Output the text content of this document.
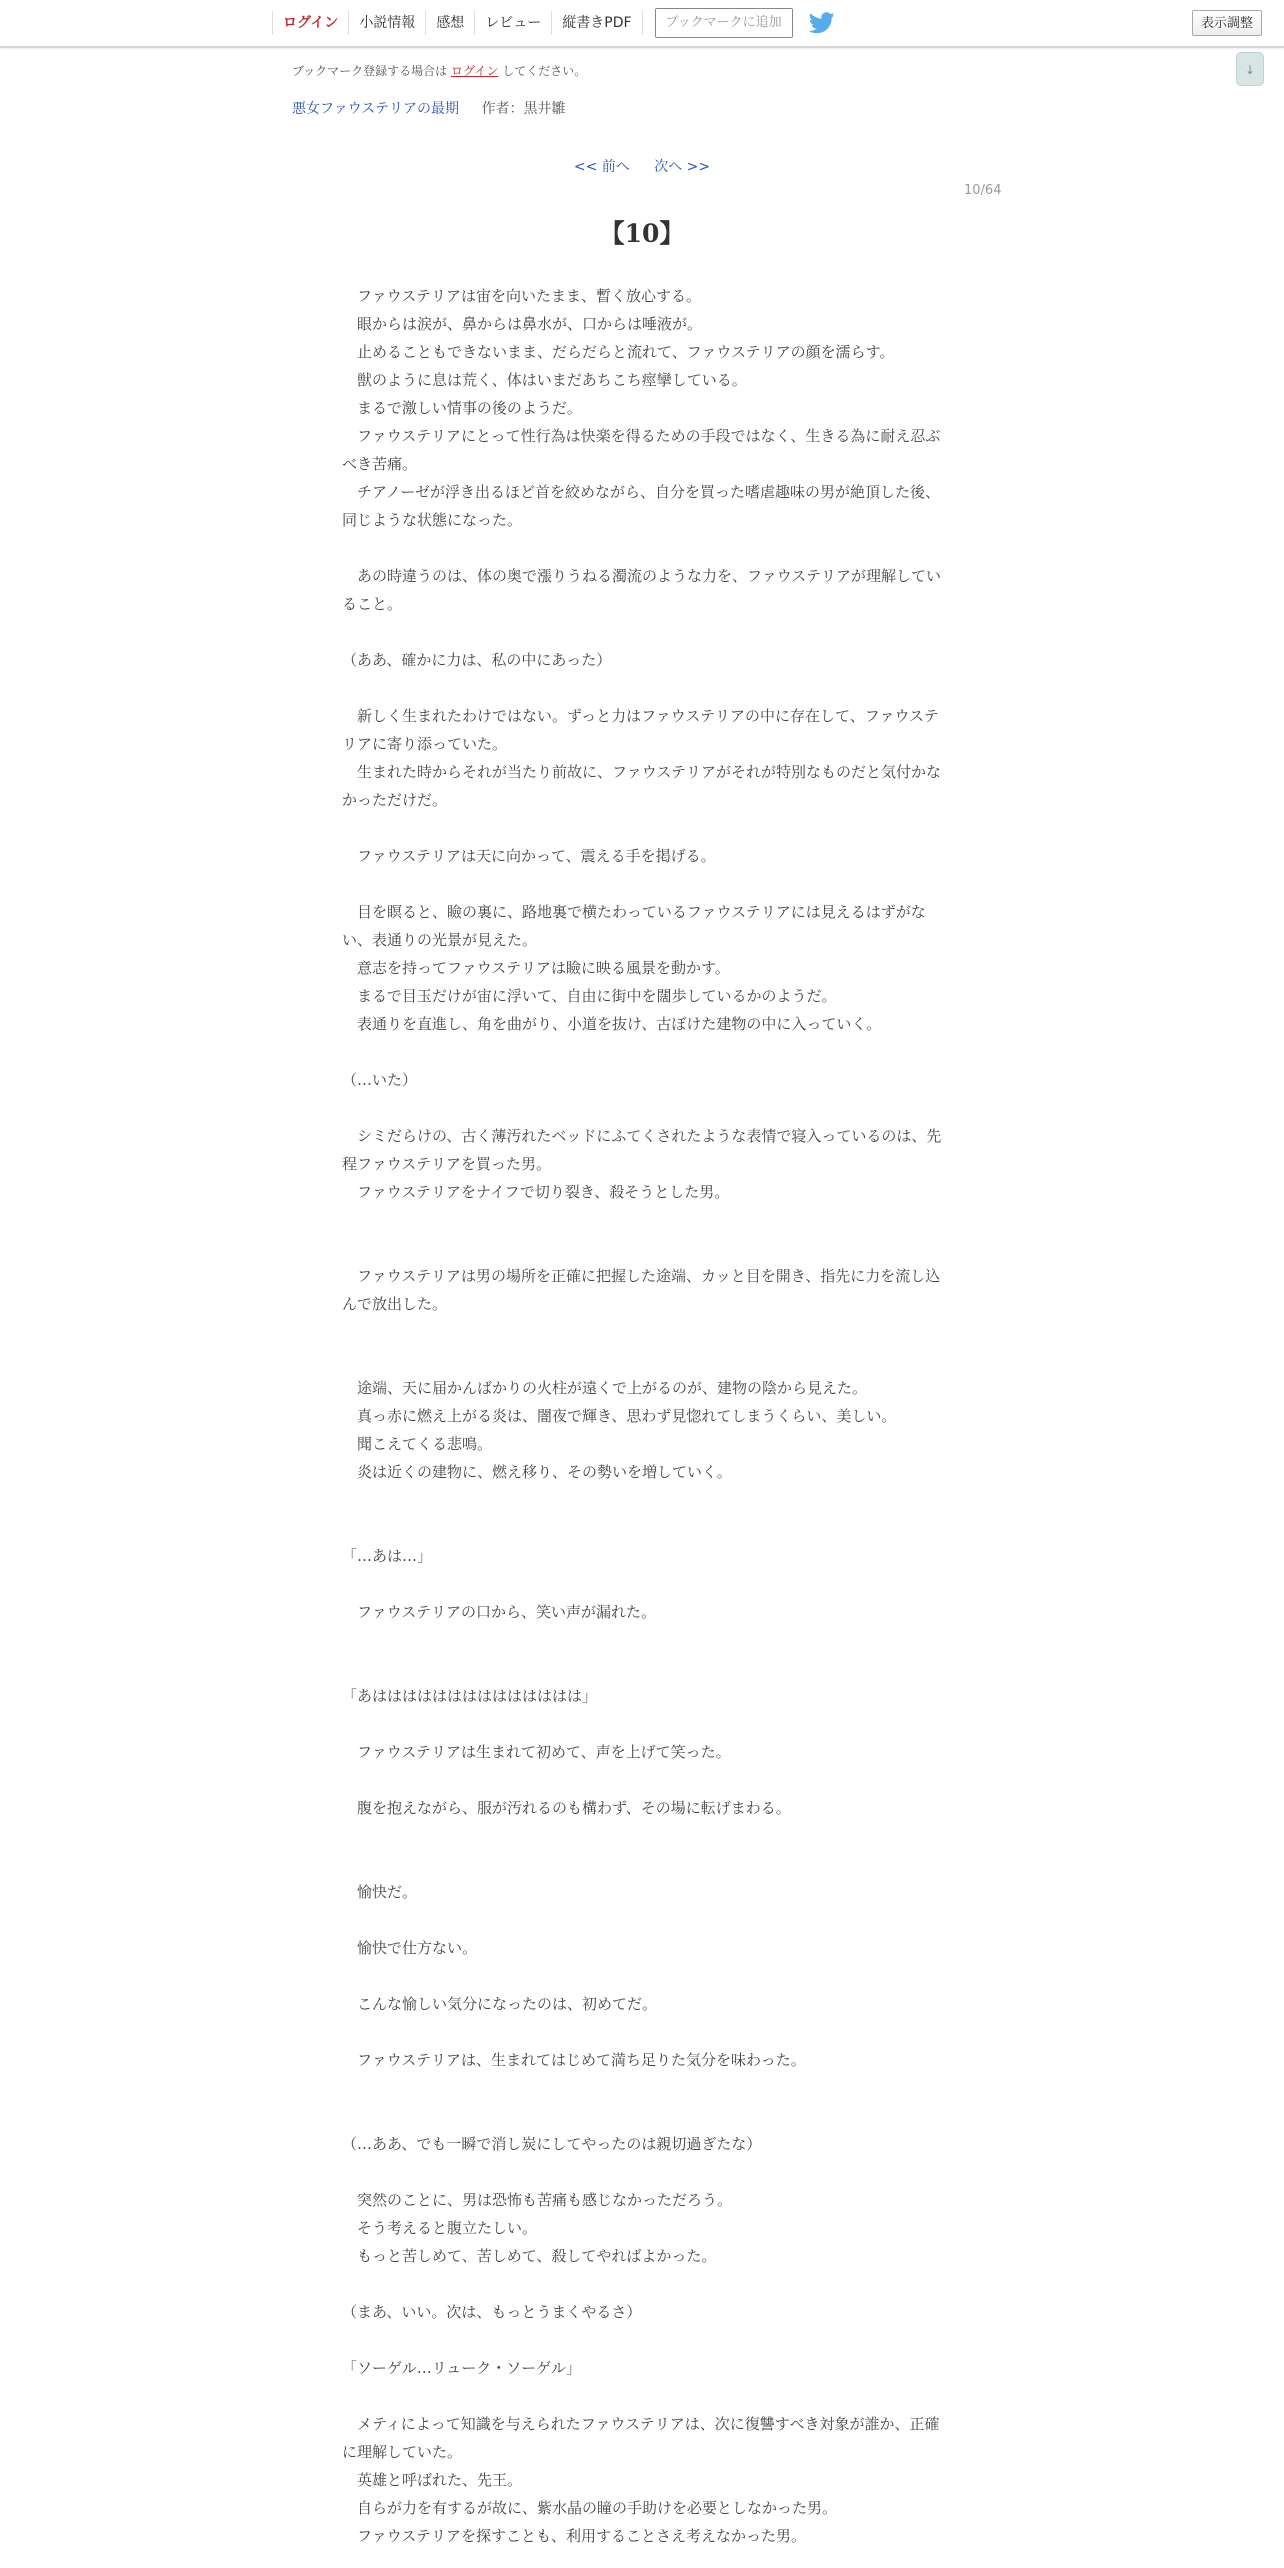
ログイン	小説情報	感想	レビュー	縦書きPDF	ブックマークに追加	表示調整
↓
ブックマーク登録する場合は ログイン してください。
悪女ファウステリアの最期 作者：黒井雛
<< 前へ 次へ >>
10/64
【10】

　ファウステリアは宙を向いたまま、暫く放心する。

　眼からは涙が、鼻からは鼻水が、口からは唾液が。

　止めることもできないまま、だらだらと流れて、ファウステリアの顔を濡らす。

　獣のように息は荒く、体はいまだあちこち痙攣している。

　まるで激しい情事の後のようだ。

　ファウステリアにとって性行為は快楽を得るための手段ではなく、生きる為に耐え忍ぶべき苦痛。

　チアノーゼが浮き出るほど首を絞めながら、自分を買った嗜虐趣味の男が絶頂した後、同じような状態になった。

　あの時違うのは、体の奥で漲りうねる濁流のような力を、ファウステリアが理解していること。

（ああ、確かに力は、私の中にあった）

　新しく生まれたわけではない。ずっと力はファウステリアの中に存在して、ファウステリアに寄り添っていた。

　生まれた時からそれが当たり前故に、ファウステリアがそれが特別なものだと気付かなかっただけだ。

　ファウステリアは天に向かって、震える手を掲げる。

　目を瞑ると、瞼の裏に、路地裏で横たわっているファウステリアには見えるはずがない、表通りの光景が見えた。

　意志を持ってファウステリアは瞼に映る風景を動かす。

　まるで目玉だけが宙に浮いて、自由に街中を闊歩しているかのようだ。

　表通りを直進し、角を曲がり、小道を抜け、古ぼけた建物の中に入っていく。

（…いた）

　シミだらけの、古く薄汚れたベッドにふてくされたような表情で寝入っているのは、先程ファウステリアを買った男。

　ファウステリアをナイフで切り裂き、殺そうとした男。

　ファウステリアは男の場所を正確に把握した途端、カッと目を開き、指先に力を流し込んで放出した。

　途端、天に届かんばかりの火柱が遠くで上がるのが、建物の陰から見えた。

　真っ赤に燃え上がる炎は、闇夜で輝き、思わず見惚れてしまうくらい、美しい。

　聞こえてくる悲鳴。

　炎は近くの建物に、燃え移り、その勢いを増していく。

「…あは…」

　ファウステリアの口から、笑い声が漏れた。

「あはははははははははははははは」

　ファウステリアは生まれて初めて、声を上げて笑った。

　腹を抱えながら、服が汚れるのも構わず、その場に転げまわる。

　愉快だ。

　愉快で仕方ない。

　こんな愉しい気分になったのは、初めてだ。

　ファウステリアは、生まれてはじめて満ち足りた気分を味わった。

（…ああ、でも一瞬で消し炭にしてやったのは親切過ぎたな）

　突然のことに、男は恐怖も苦痛も感じなかっただろう。

　そう考えると腹立たしい。

　もっと苦しめて、苦しめて、殺してやればよかった。

（まあ、いい。次は、もっとうまくやるさ）

「ソーゲル…リューク・ソーゲル」

　メティによって知識を与えられたファウステリアは、次に復讐すべき対象が誰か、正確に理解していた。

　英雄と呼ばれた、先王。

　自らが力を有するが故に、紫水晶の瞳の手助けを必要としなかった男。

　ファウステリアを探すことも、利用することさえ考えなかった男。
